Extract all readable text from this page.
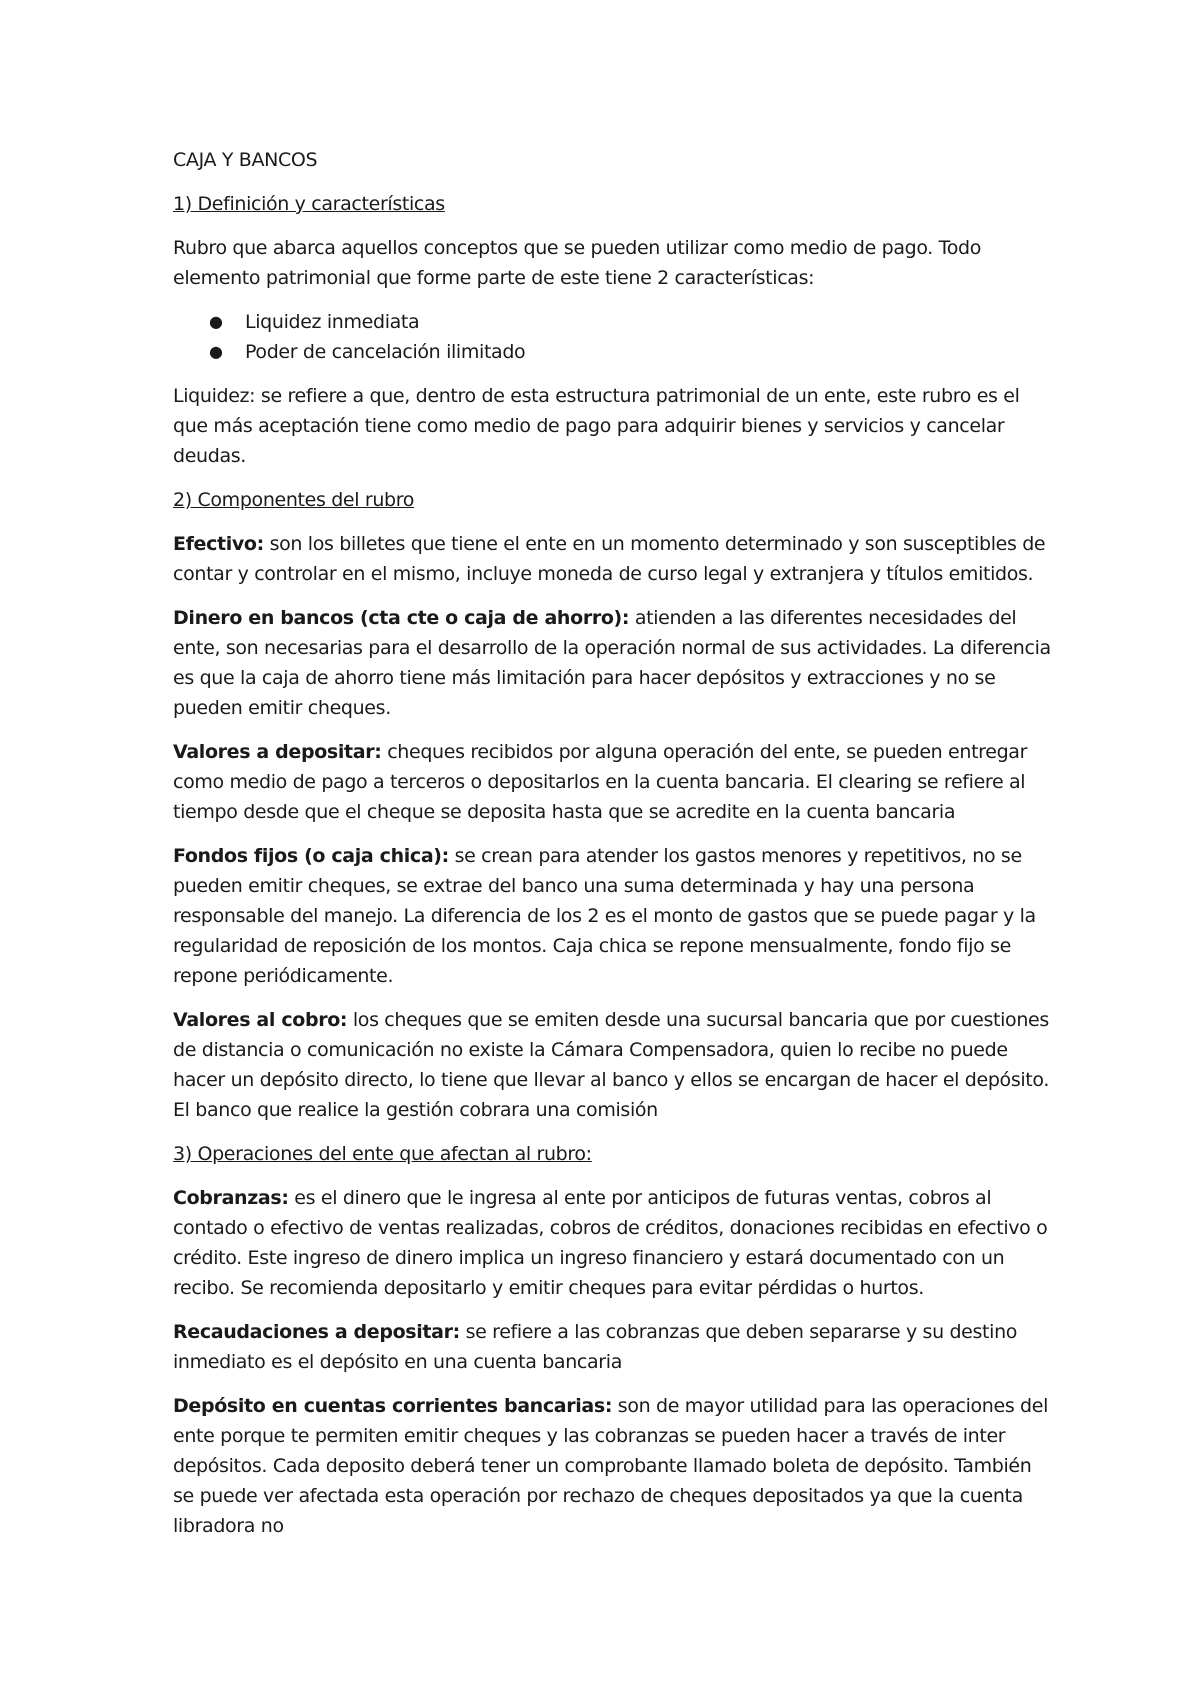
CAJA Y BANCOS

1) Definición y características

Rubro que abarca aquellos conceptos que se pueden utilizar como medio de pago. Todo elemento patrimonial que forme parte de este tiene 2 características:

● Liquidez inmediata
● Poder de cancelación ilimitado

Liquidez: se refiere a que, dentro de esta estructura patrimonial de un ente, este rubro es el que más aceptación tiene como medio de pago para adquirir bienes y servicios y cancelar deudas.

2) Componentes del rubro

Efectivo: son los billetes que tiene el ente en un momento determinado y son susceptibles de contar y controlar en el mismo, incluye moneda de curso legal y extranjera y títulos emitidos.

Dinero en bancos (cta cte o caja de ahorro): atienden a las diferentes necesidades del ente, son necesarias para el desarrollo de la operación normal de sus actividades. La diferencia es que la caja de ahorro tiene más limitación para hacer depósitos y extracciones y no se pueden emitir cheques.

Valores a depositar: cheques recibidos por alguna operación del ente, se pueden entregar como medio de pago a terceros o depositarlos en la cuenta bancaria. El clearing se refiere al tiempo desde que el cheque se deposita hasta que se acredite en la cuenta bancaria

Fondos fijos (o caja chica): se crean para atender los gastos menores y repetitivos, no se pueden emitir cheques, se extrae del banco una suma determinada y hay una persona responsable del manejo. La diferencia de los 2 es el monto de gastos que se puede pagar y la regularidad de reposición de los montos. Caja chica se repone mensualmente, fondo fijo se repone periódicamente.

Valores al cobro: los cheques que se emiten desde una sucursal bancaria que por cuestiones de distancia o comunicación no existe la Cámara Compensadora, quien lo recibe no puede hacer un depósito directo, lo tiene que llevar al banco y ellos se encargan de hacer el depósito. El banco que realice la gestión cobrara una comisión

3) Operaciones del ente que afectan al rubro:

Cobranzas: es el dinero que le ingresa al ente por anticipos de futuras ventas, cobros al contado o efectivo de ventas realizadas, cobros de créditos, donaciones recibidas en efectivo o crédito. Este ingreso de dinero implica un ingreso financiero y estará documentado con un recibo. Se recomienda depositarlo y emitir cheques para evitar pérdidas o hurtos.

Recaudaciones a depositar: se refiere a las cobranzas que deben separarse y su destino inmediato es el depósito en una cuenta bancaria

Depósito en cuentas corrientes bancarias: son de mayor utilidad para las operaciones del ente porque te permiten emitir cheques y las cobranzas se pueden hacer a través de inter depósitos. Cada deposito deberá tener un comprobante llamado boleta de depósito. También se puede ver afectada esta operación por rechazo de cheques depositados ya que la cuenta libradora no
